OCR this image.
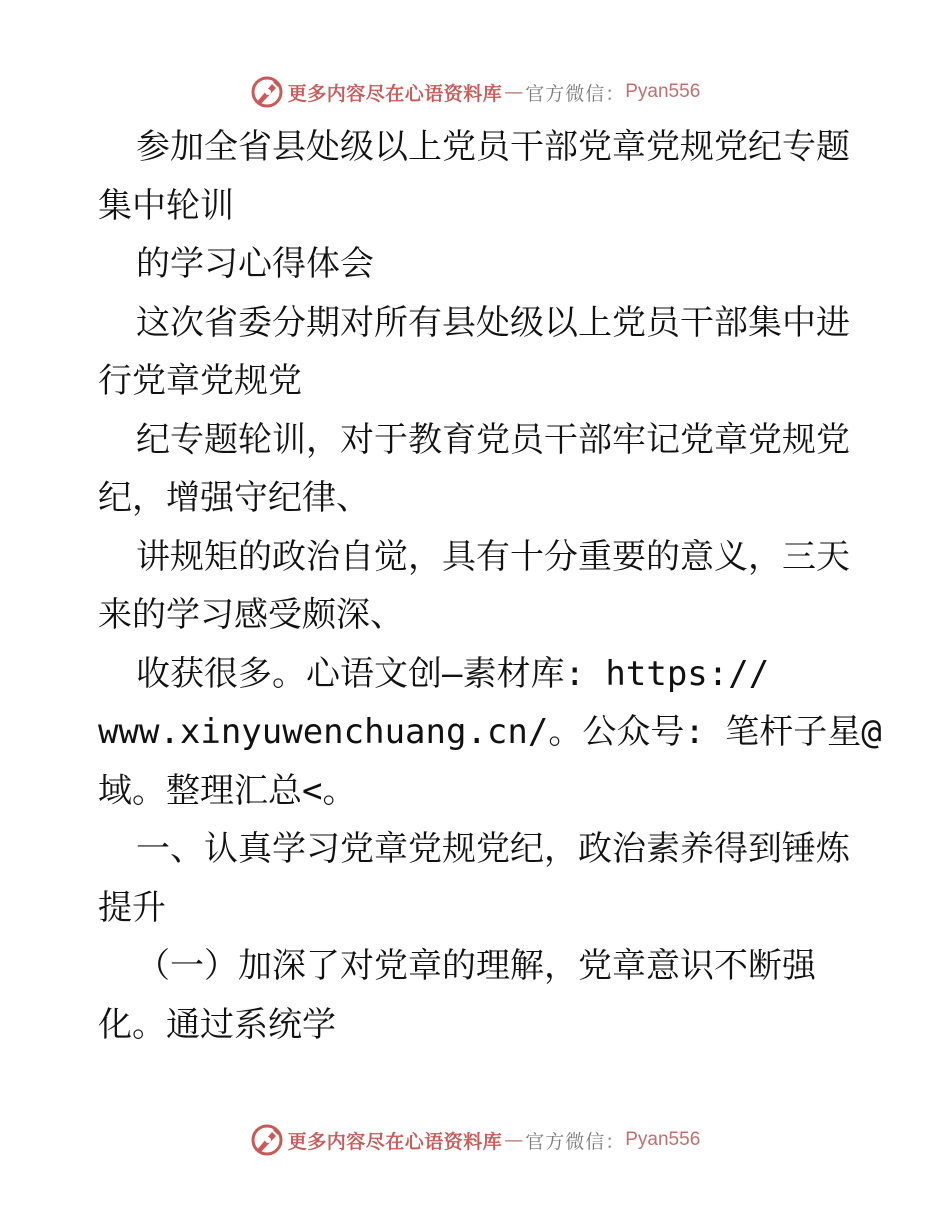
更多内容尽在心语资料库 — 官方微信： Pyan556
参加全省县处级以上党员干部党章党规党纪专题
集中轮训
的学习心得体会
这次省委分期对所有县处级以上党员干部集中进
行党章党规党
纪专题轮训，对于教育党员干部牢记党章党规党
纪，增强守纪律、
讲规矩的政治自觉，具有十分重要的意义，三天
来的学习感受颇深、
收获很多。心语文创—素材库: https://
www.xinyuwenchuang.cn/。公众号: 笔杆子星@
域。整理汇总<。
一、认真学习党章党规党纪，政治素养得到锤炼
提升
（一）加深了对党章的理解，党章意识不断强
化。通过系统学
更多内容尽在心语资料库 — 官方微信： Pyan556
